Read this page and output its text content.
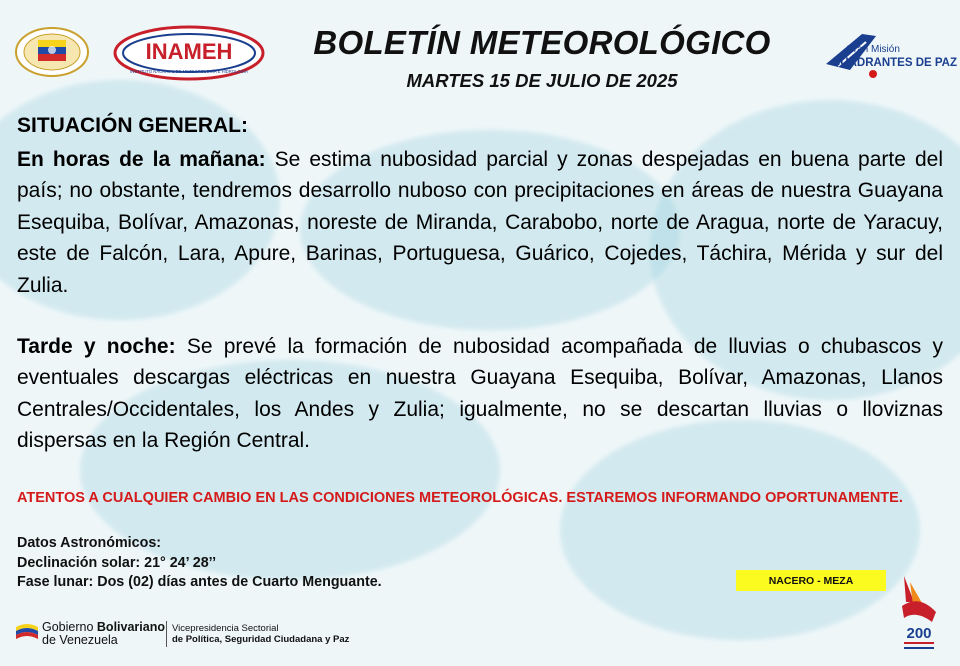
INAMEH
INSTITUTO NACIONAL DE METEOROLOGÍA E HIDROLOGÍA
BOLETÍN METEOROLÓGICO
MARTES 15 DE JULIO DE 2025
Gran Misión
CUADRANTES DE PAZ
SITUACIÓN GENERAL:
En horas de la mañana: Se estima nubosidad parcial y zonas despejadas en buena parte del país; no obstante, tendremos desarrollo nuboso con precipitaciones en áreas de nuestra Guayana Esequiba, Bolívar, Amazonas, noreste de Miranda, Carabobo, norte de Aragua, norte de Yaracuy, este de Falcón, Lara, Apure, Barinas, Portuguesa, Guárico, Cojedes, Táchira, Mérida y sur del Zulia.
Tarde y noche: Se prevé la formación de nubosidad acompañada de lluvias o chubascos y eventuales descargas eléctricas en nuestra Guayana Esequiba, Bolívar, Amazonas, Llanos Centrales/Occidentales, los Andes y Zulia; igualmente, no se descartan lluvias o lloviznas dispersas en la Región Central.
ATENTOS A CUALQUIER CAMBIO EN LAS CONDICIONES METEOROLÓGICAS. ESTAREMOS INFORMANDO OPORTUNAMENTE.
Datos Astronómicos:
Declinación solar: 21° 24’ 28’’
Fase lunar: Dos (02) días antes de Cuarto Menguante.	NACERO - MEZA
Gobierno Bolivariano
de Venezuela
Vicepresidencia Sectorial
de Política, Seguridad Ciudadana y Paz	200
